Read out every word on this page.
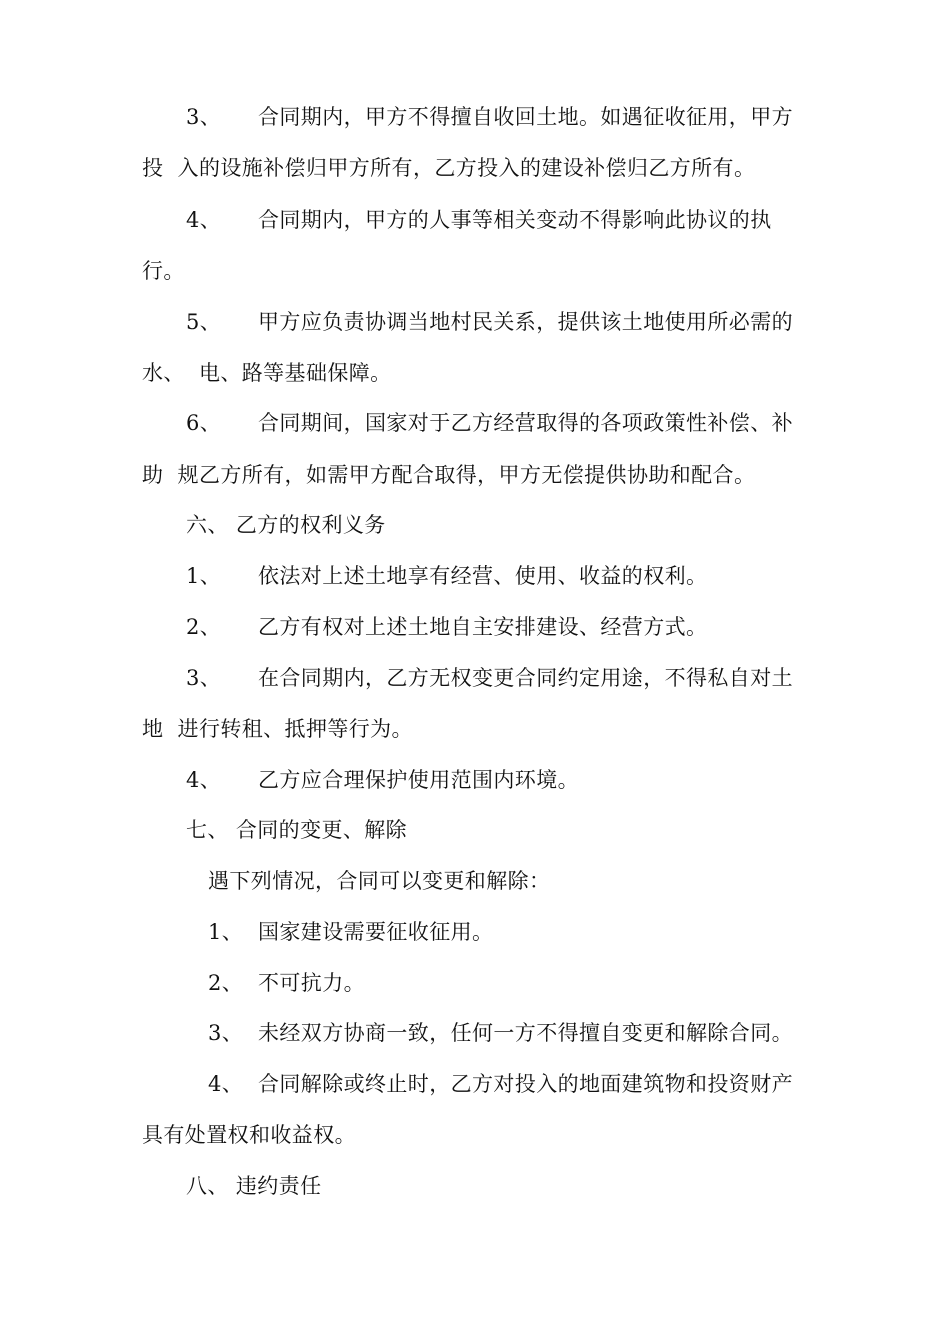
3、 合同期内，甲方不得擅自收回土地。如遇征收征用，甲方
投  入的设施补偿归甲方所有，乙方投入的建设补偿归乙方所有。
4、 合同期内，甲方的人事等相关变动不得影响此协议的执
行。
5、 甲方应负责协调当地村民关系，提供该土地使用所必需的
水、  电、路等基础保障。
6、 合同期间，国家对于乙方经营取得的各项政策性补偿、补
助  规乙方所有，如需甲方配合取得，甲方无偿提供协助和配合。
六、 乙方的权利义务
1、 依法对上述土地享有经营、使用、收益的权利。
2、 乙方有权对上述土地自主安排建设、经营方式。
3、 在合同期内，乙方无权变更合同约定用途，不得私自对土
地  进行转租、抵押等行为。
4、 乙方应合理保护使用范围内环境。
七、 合同的变更、解除
遇下列情况，合同可以变更和解除：
1、 国家建设需要征收征用。
2、 不可抗力。
3、 未经双方协商一致，任何一方不得擅自变更和解除合同。
4、 合同解除或终止时，乙方对投入的地面建筑物和投资财产
具有处置权和收益权。
八、 违约责任
